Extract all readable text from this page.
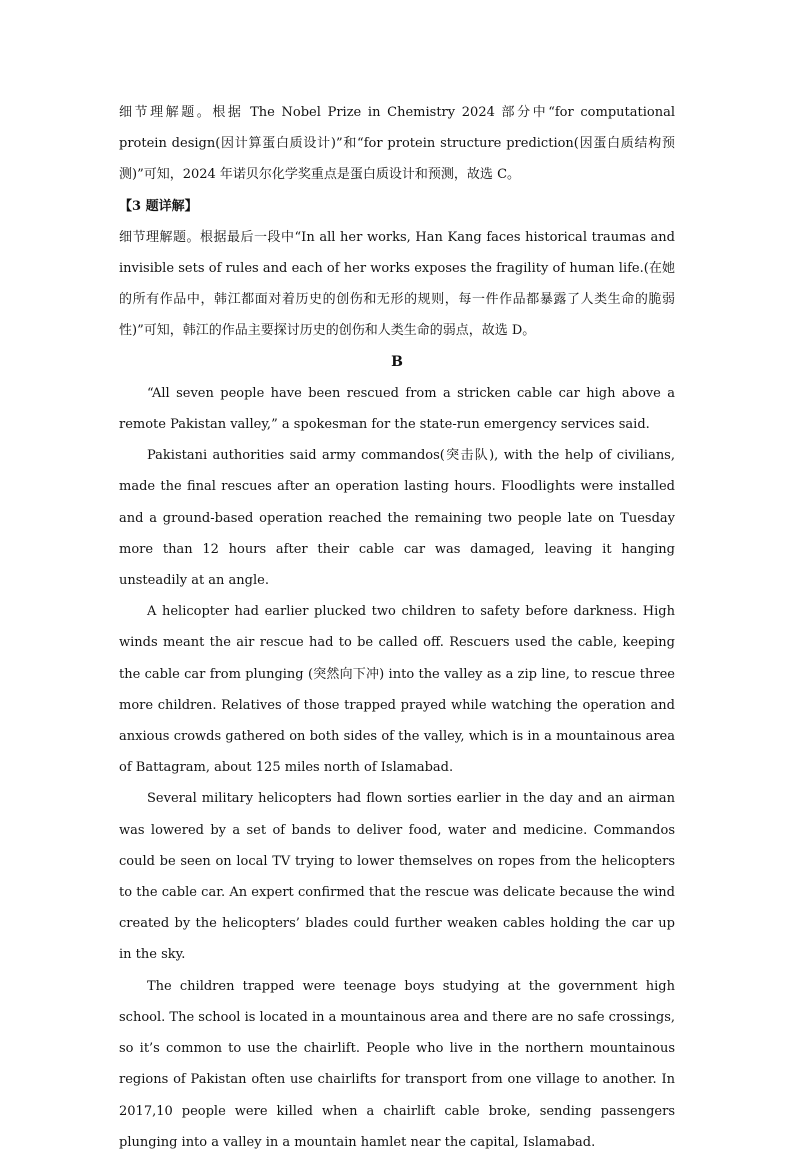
细节理解题。根据 The Nobel Prize in Chemistry 2024 部分中“for computational protein design(因计算蛋白质设计)”和“for protein structure prediction(因蛋白质结构预测)”可知，2024 年诺贝尔化学奖重点是蛋白质设计和预测，故选 C。

【3 题详解】

细节理解题。根据最后一段中“In all her works, Han Kang faces historical traumas and invisible sets of rules and each of her works exposes the fragility of human life.(在她的所有作品中，韩江都面对着历史的创伤和无形的规则，每一件作品都暴露了人类生命的脆弱性)”可知，韩江的作品主要探讨历史的创伤和人类生命的弱点，故选 D。

B

“All seven people have been rescued from a stricken cable car high above a remote Pakistan valley,” a spokesman for the state-run emergency services said.

Pakistani authorities said army commandos(突击队), with the help of civilians, made the final rescues after an operation lasting hours. Floodlights were installed and a ground-based operation reached the remaining two people late on Tuesday more than 12 hours after their cable car was damaged, leaving it hanging unsteadily at an angle.

A helicopter had earlier plucked two children to safety before darkness. High winds meant the air rescue had to be called off. Rescuers used the cable, keeping the cable car from plunging (突然向下冲) into the valley as a zip line, to rescue three more children. Relatives of those trapped prayed while watching the operation and anxious crowds gathered on both sides of the valley, which is in a mountainous area of Battagram, about 125 miles north of Islamabad.

Several military helicopters had flown sorties earlier in the day and an airman was lowered by a set of bands to deliver food, water and medicine. Commandos could be seen on local TV trying to lower themselves on ropes from the helicopters to the cable car. An expert confirmed that the rescue was delicate because the wind created by the helicopters’ blades could further weaken cables holding the car up in the sky.

The children trapped were teenage boys studying at the government high school. The school is located in a mountainous area and there are no safe crossings, so it’s common to use the chairlift. People who live in the northern mountainous regions of Pakistan often use chairlifts for transport from one village to another. In 2017,10 people were killed when a chairlift cable broke, sending passengers plunging into a valley in a mountain hamlet near the capital, Islamabad.
